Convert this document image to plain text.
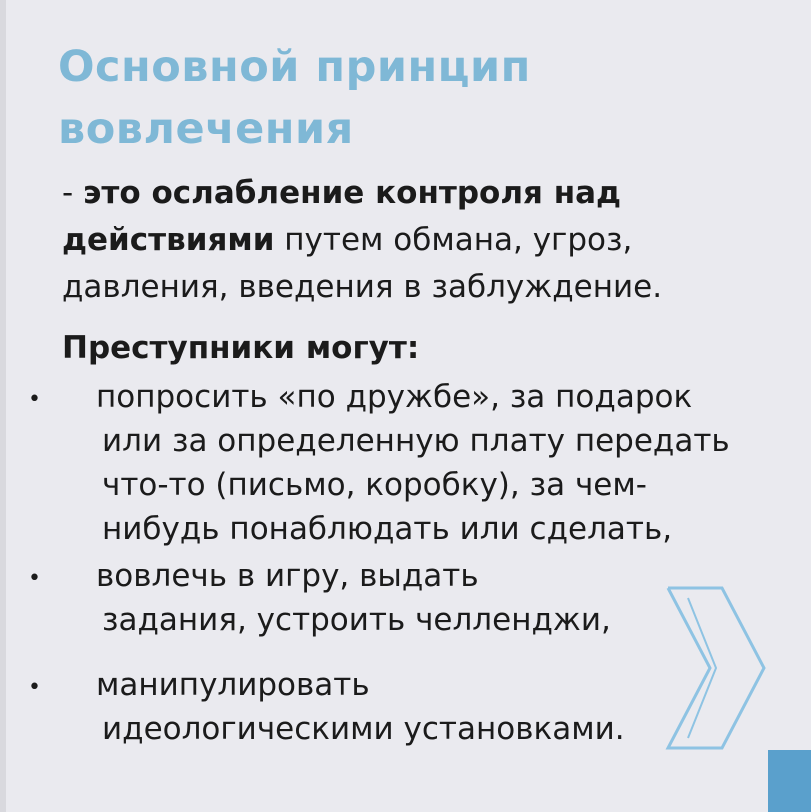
Основной принцип
вовлечения
- это ослабление контроля над
действиями путем обмана, угроз,
давления, введения в заблуждение.
Преступники могут:
• попросить «по дружбе», за подарок
или за определенную плату передать
что-то (письмо, коробку), за чем-
нибудь понаблюдать или сделать,
• вовлечь в игру, выдать
задания, устроить челленджи,
• манипулировать
идеологическими установками.
